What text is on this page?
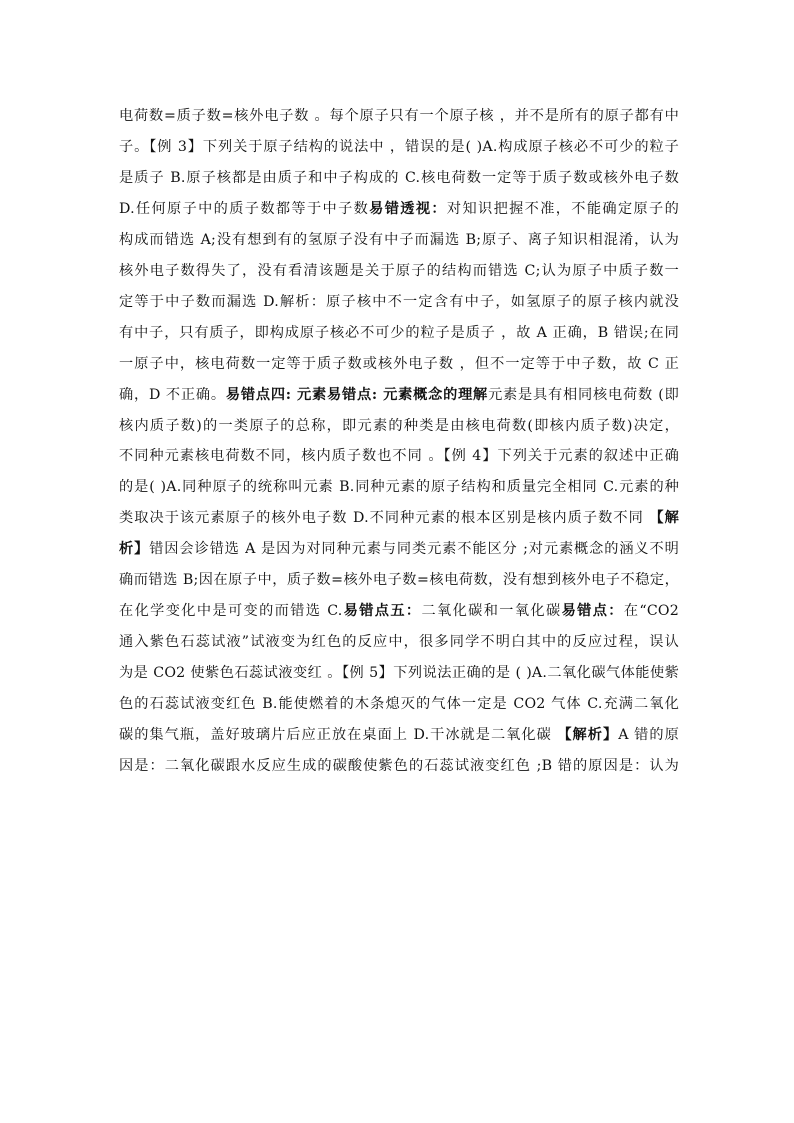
电荷数=质子数=核外电子数 。每个原子只有一个原子核 ，并不是所有的原子都有中
子。【例 3】下列关于原子结构的说法中 ，错误的是( )A.构成原子核必不可少的粒子
是质子 B.原子核都是由质子和中子构成的 C.核电荷数一定等于质子数或核外电子数
D.任何原子中的质子数都等于中子数易错透视：对知识把握不准，不能确定原子的
构成而错选 A;没有想到有的氢原子没有中子而漏选 B;原子、离子知识相混淆，认为
核外电子数得失了，没有看清该题是关于原子的结构而错选 C;认为原子中质子数一
定等于中子数而漏选 D.解析：原子核中不一定含有中子，如氢原子的原子核内就没
有中子，只有质子，即构成原子核必不可少的粒子是质子 ，故 A 正确，B 错误;在同
一原子中，核电荷数一定等于质子数或核外电子数 ，但不一定等于中子数，故 C 正
确，D 不正确。易错点四: 元素易错点: 元素概念的理解元素是具有相同核电荷数 (即
核内质子数)的一类原子的总称，即元素的种类是由核电荷数(即核内质子数)决定，
不同种元素核电荷数不同，核内质子数也不同 。【例 4】下列关于元素的叙述中正确
的是( )A.同种原子的统称叫元素 B.同种元素的原子结构和质量完全相同 C.元素的种
类取决于该元素原子的核外电子数 D.不同种元素的根本区别是核内质子数不同 【解
析】错因会诊错选 A 是因为对同种元素与同类元素不能区分 ;对元素概念的涵义不明
确而错选 B;因在原子中，质子数=核外电子数=核电荷数，没有想到核外电子不稳定，
在化学变化中是可变的而错选 C.易错点五：二氧化碳和一氧化碳易错点：在“CO2
通入紫色石蕊试液”试液变为红色的反应中，很多同学不明白其中的反应过程，误认
为是 CO2 使紫色石蕊试液变红 。【例 5】下列说法正确的是 ( )A.二氧化碳气体能使紫
色的石蕊试液变红色 B.能使燃着的木条熄灭的气体一定是 CO2 气体 C.充满二氧化
碳的集气瓶，盖好玻璃片后应正放在桌面上 D.干冰就是二氧化碳 【解析】A 错的原
因是：二氧化碳跟水反应生成的碳酸使紫色的石蕊试液变红色 ;B 错的原因是：认为
